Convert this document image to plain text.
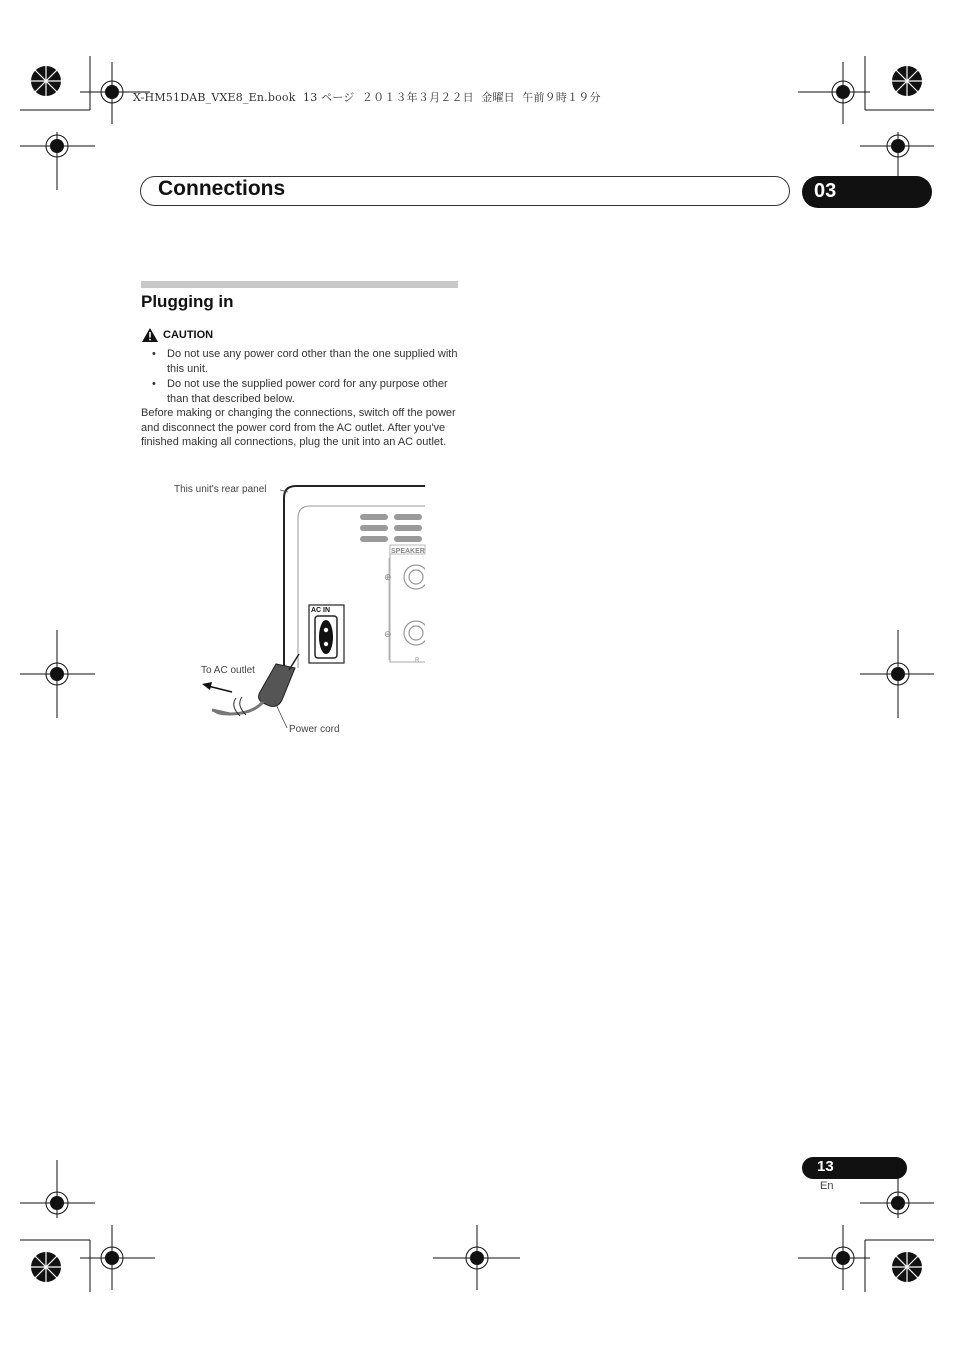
X-HM51DAB_VXE8_En.book  13 ページ  ２０１３年３月２２日  金曜日  午前９時１９分
Connections	03
Plugging in
CAUTION
• Do not use any power cord other than the one supplied with this unit.
• Do not use the supplied power cord for any purpose other than that described below.

Before making or changing the connections, switch off the power and disconnect the power cord from the AC outlet. After you've finished making all connections, plug the unit into an AC outlet.

SPEAKER
⊕
⊖
R
AC IN
This unit's rear panel
To AC outlet
Power cord
13
En
